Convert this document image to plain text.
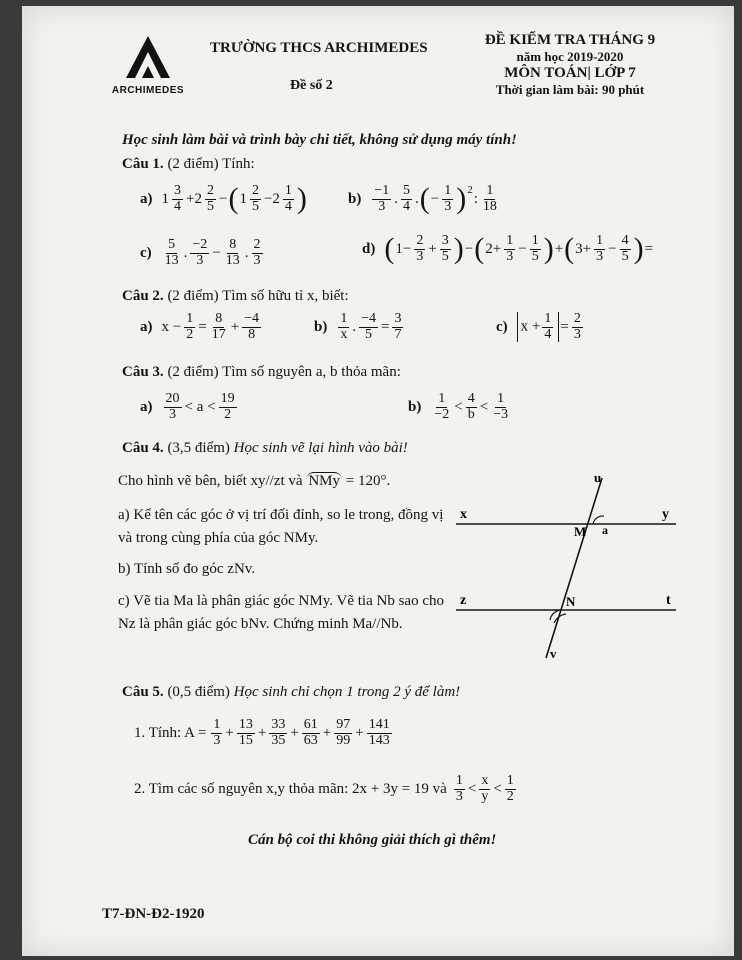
ARCHIMEDES
TRƯỜNG THCS ARCHIMEDES
Đề số 2
ĐỀ KIỂM TRA THÁNG 9
năm học 2019-2020
MÔN TOÁN| LỚP 7
Thời gian làm bài: 90 phút
Học sinh làm bài và trình bày chi tiết, không sử dụng máy tính!
Câu 1. (2 điểm) Tính:
a) $1 \frac{3}{4} +2 \frac{2}{5}$ − ( $1 \frac{2}{5} -2 \frac{1}{4}$ )	$b) \frac{-1}{3}$ . $\frac{5}{4}$ . ( − $\frac{1}{3}$ ) 2
: $\frac{1}{18}$
$c) \frac{5}{13}$ . $\frac{-2}{3} - \frac{8}{13}$ . $\frac{2}{3}$	d) ( $1- \frac{2}{3} + \frac{3}{5}$ ) − ( $2+ \frac{1}{3} - \frac{1}{5}$ ) + ( $3+ \frac{1}{3} - \frac{4}{5}$ ) =
Câu 2. (2 điểm) Tìm số hữu tỉ x, biết:
a) $x - \frac{1}{2} = \frac{8}{17} + \frac{-4}{8}$	$b) \frac{1}{x}$ . $\frac{-4}{5} = \frac{3}{7}$	c) $x + \frac{1}{4} = \frac{2}{3}$
Câu 3. (2 điểm) Tìm số nguyên a, b thỏa mãn:
$a) \frac{20}{3} < a < \frac{19}{2}$	$b) \frac{1}{-2} < \frac{4}{b} < \frac{1}{-3}$
Câu 4. (3,5 điểm) Học sinh vẽ lại hình vào bài!
Cho hình vẽ bên, biết xy//zt và NMy = 120°.
a) Kể tên các góc ở vị trí đối đỉnh, so le trong, đồng vị và trong cùng phía của góc NMy.
b) Tính số đo góc zNv.
c) Vẽ tia Ma là phân giác góc NMy. Vẽ tia Nb sao cho Nz là phân giác góc bNv. Chứng minh Ma//Nb.
u
x	y
M a
z	N	t
v
Câu 5. (0,5 điểm) Học sinh chỉ chọn 1 trong 2 ý để làm!
1. Tính: $A = \frac{1}{3} + \frac{13}{15} + \frac{33}{35} + \frac{61}{63} + \frac{97}{99} + \frac{141}{143}$
2. Tìm các số nguyên x,y thỏa mãn: 2x + 3y = 19 và $\frac{1}{3} < \frac{x}{y} < \frac{1}{2}$
Cán bộ coi thi không giải thích gì thêm!
T7-ĐN-Đ2-1920
